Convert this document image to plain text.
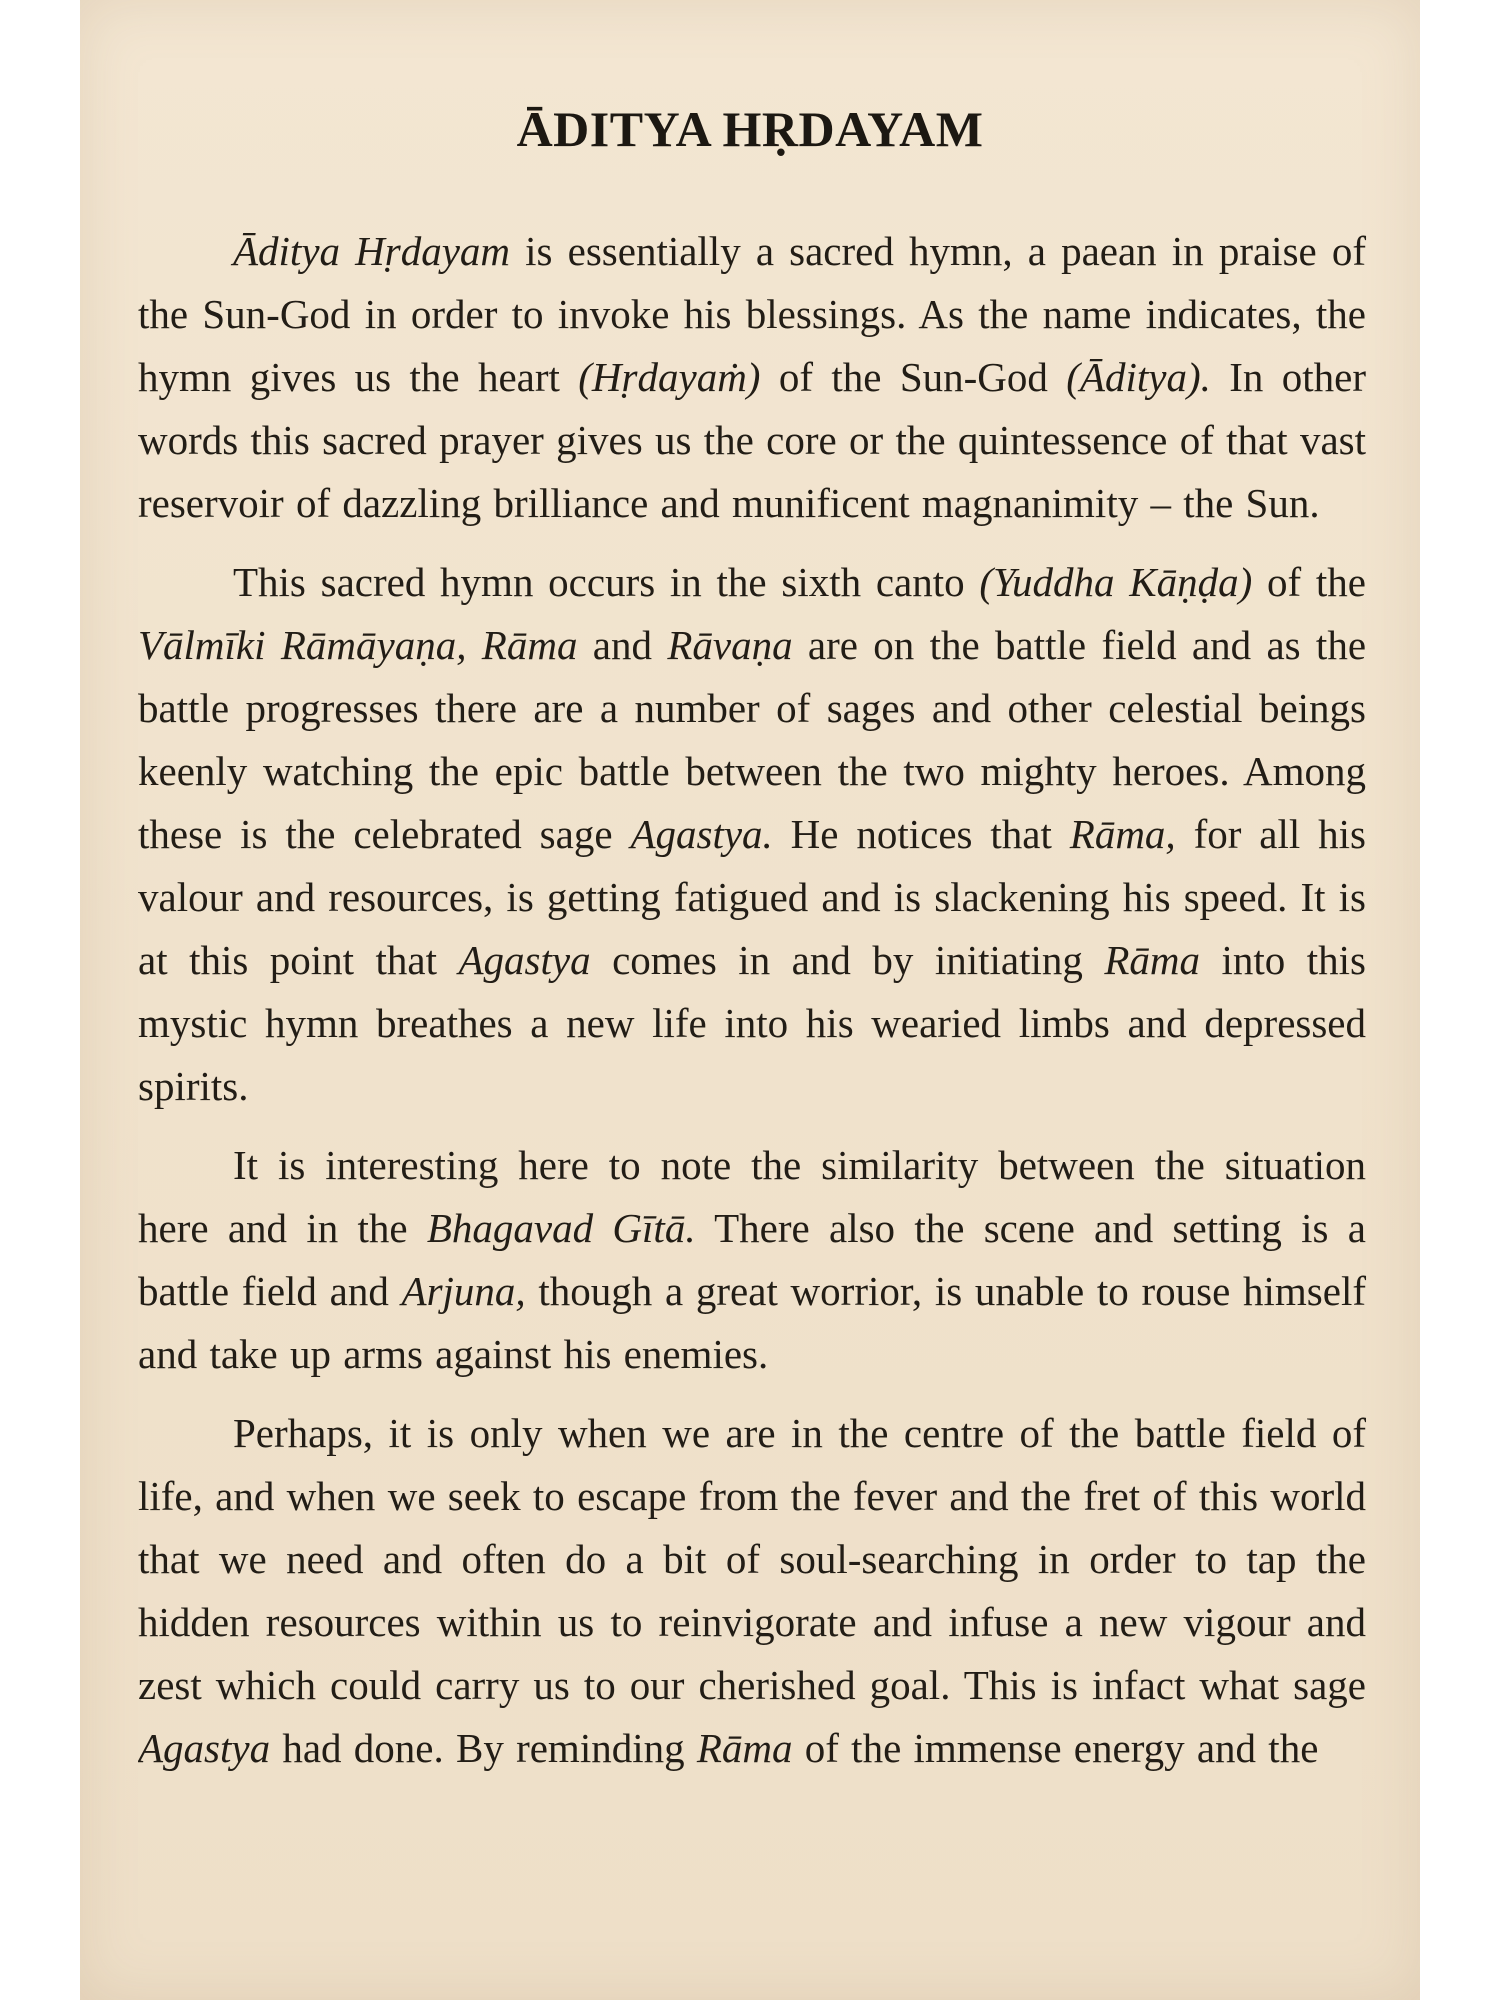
ĀDITYA HṚDAYAM

Āditya Hṛdayam is essentially a sacred hymn, a paean in praise of the Sun-God in order to invoke his blessings. As the name indicates, the hymn gives us the heart (Hṛdayaṁ) of the Sun-God (Āditya). In other words this sacred prayer gives us the core or the quintessence of that vast reservoir of dazzling brilliance and munificent magnanimity – the Sun.

This sacred hymn occurs in the sixth canto (Yuddha Kāṇḍa) of the Vālmīki Rāmāyaṇa, Rāma and Rāvaṇa are on the battle field and as the battle progresses there are a number of sages and other celestial beings keenly watching the epic battle between the two mighty heroes. Among these is the celebrated sage Agastya. He notices that Rāma, for all his valour and resources, is getting fatigued and is slackening his speed. It is at this point that Agastya comes in and by initiating Rāma into this mystic hymn breathes a new life into his wearied limbs and depressed spirits.

It is interesting here to note the similarity between the situation here and in the Bhagavad Gītā. There also the scene and setting is a battle field and Arjuna, though a great worrior, is unable to rouse himself and take up arms against his enemies.

Perhaps, it is only when we are in the centre of the battle field of life, and when we seek to escape from the fever and the fret of this world that we need and often do a bit of soul-searching in order to tap the hidden resources within us to reinvigorate and infuse a new vigour and zest which could carry us to our cherished goal. This is infact what sage Agastya had done. By reminding Rāma of the immense energy and the
